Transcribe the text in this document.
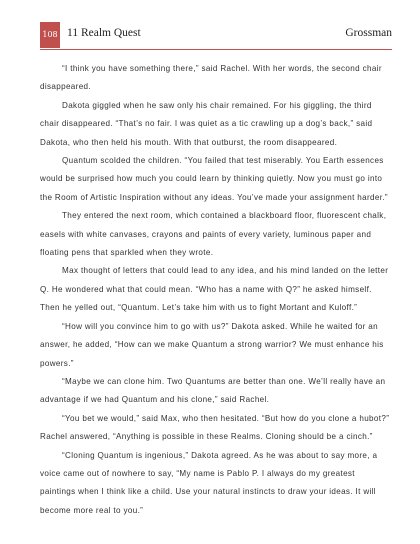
108 11 Realm Quest	Grossman

“I think you have something there,” said Rachel. With her words, the second chair disappeared.

Dakota giggled when he saw only his chair remained. For his giggling, the third chair disappeared. “That’s no fair. I was quiet as a tic crawling up a dog’s back,” said Dakota, who then held his mouth. With that outburst, the room disappeared.

Quantum scolded the children. “You failed that test miserably. You Earth essences would be surprised how much you could learn by thinking quietly. Now you must go into the Room of Artistic Inspiration without any ideas. You’ve made your assignment harder.”

They entered the next room, which contained a blackboard floor, fluorescent chalk, easels with white canvases, crayons and paints of every variety, luminous paper and floating pens that sparkled when they wrote.

Max thought of letters that could lead to any idea, and his mind landed on the letter Q. He wondered what that could mean. “Who has a name with Q?” he asked himself. Then he yelled out, “Quantum. Let’s take him with us to fight Mortant and Kuloff.”

“How will you convince him to go with us?” Dakota asked. While he waited for an answer, he added, “How can we make Quantum a strong warrior? We must enhance his powers.”

“Maybe we can clone him. Two Quantums are better than one. We’ll really have an advantage if we had Quantum and his clone,” said Rachel.

“You bet we would,” said Max, who then hesitated. “But how do you clone a hubot?” Rachel answered, “Anything is possible in these Realms. Cloning should be a cinch.”

“Cloning Quantum is ingenious,” Dakota agreed. As he was about to say more, a voice came out of nowhere to say, “My name is Pablo P. I always do my greatest paintings when I think like a child. Use your natural instincts to draw your ideas. It will become more real to you.”
